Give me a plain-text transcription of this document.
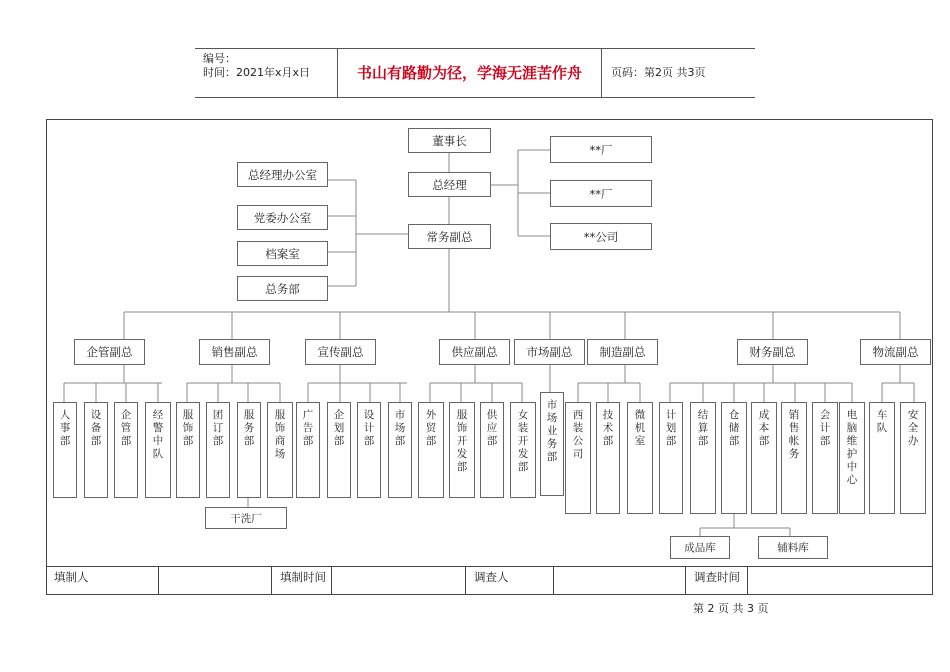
编号：
时间：2021年x月x日	书山有路勤为径，学海无涯苦作舟	页码：第2页 共3页
董事长
总经理
常务副总
总经理办公室
党委办公室
档案室
总务部
**厂
**厂
**公司
企管副总	销售副总	宣传副总	供应副总	市场副总	制造副总	财务副总	物流副总
人事部
设备部
企管部
经警中队
服饰部
团订部
服务部
服饰商场
广告部
企划部
设计部
市场部
外贸部
服饰开发部
供应部
女装开发部
市场业务部
西装公司
技术部
微机室
计划部
结算部
仓储部
成本部
销售帐务
会计部
电脑维护中心
车队
安全办
干洗厂
成品库	辅料库
填制人	填制时间	调查人	调查时间
第 2 页 共 3 页
